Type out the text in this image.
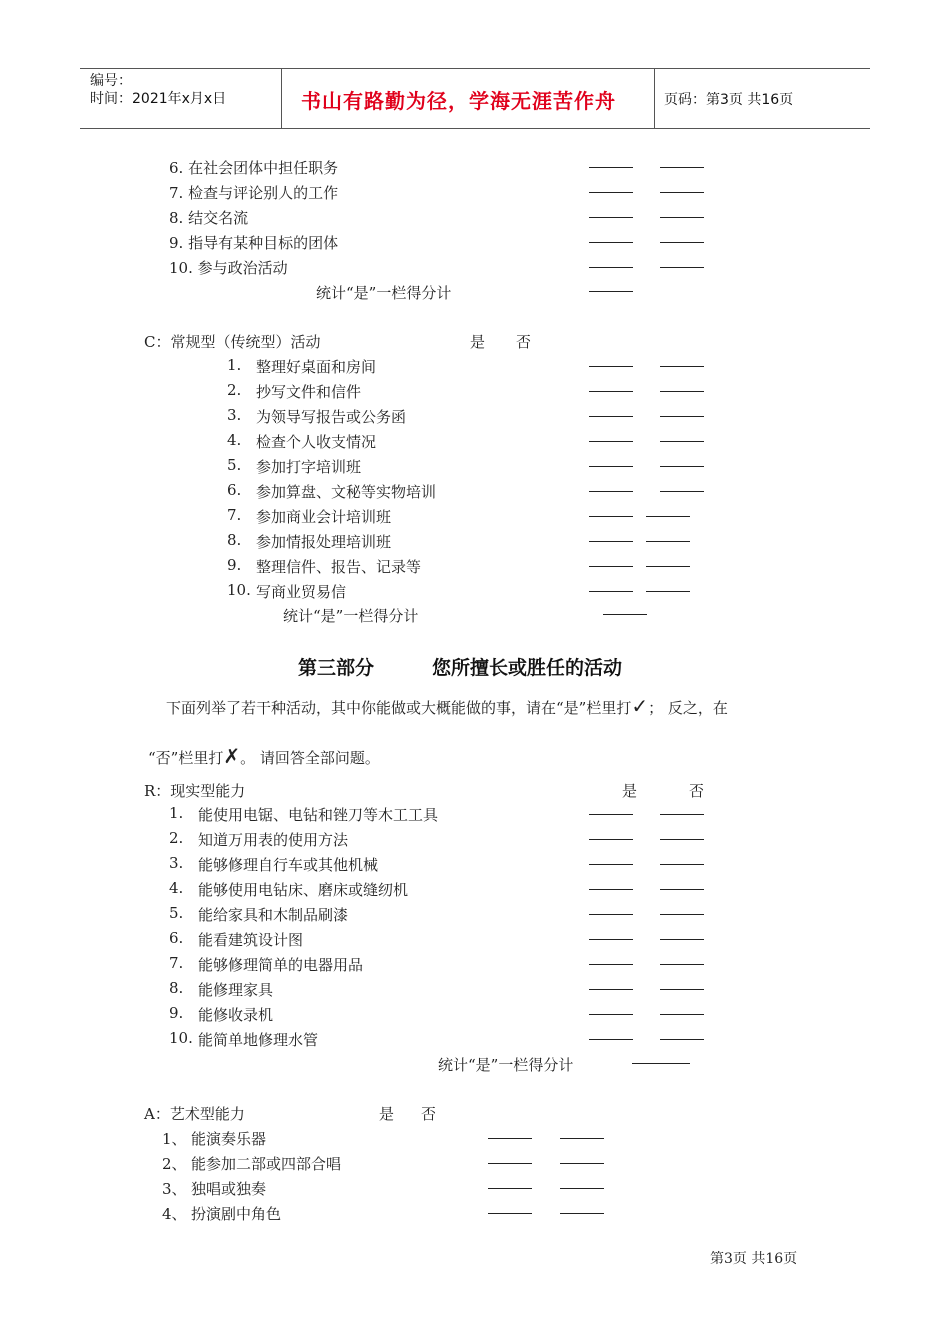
编号：
时间：2021年x月x日	书山有路勤为径，学海无涯苦作舟	页码：第3页 共16页
6. 在社会团体中担任职务
7. 检查与评论别人的工作
8. 结交名流
9. 指导有某种目标的团体
10. 参与政治活动
统计“是”一栏得分计
C：常规型（传统型）活动	是 否
1. 整理好桌面和房间
2. 抄写文件和信件
3. 为领导写报告或公务函
4. 检查个人收支情况
5. 参加打字培训班
6. 参加算盘、文秘等实物培训
7. 参加商业会计培训班
8. 参加情报处理培训班
9. 整理信件、报告、记录等
10. 写商业贸易信
统计“是”一栏得分计
第三部分	您所擅长或胜任的活动
下面列举了若干种活动，其中你能做或大概能做的事，请在“是”栏里打✓； 反之，在
“否”栏里打✗。 请回答全部问题。
R：现实型能力	是	否
1. 能使用电锯、电钻和锉刀等木工工具
2. 知道万用表的使用方法
3. 能够修理自行车或其他机械
4. 能够使用电钻床、磨床或缝纫机
5. 能给家具和木制品刷漆
6. 能看建筑设计图
7. 能够修理简单的电器用品
8. 能修理家具
9. 能修收录机
10. 能简单地修理水管
统计“是”一栏得分计
A：艺术型能力	是 否
1、 能演奏乐器
2、 能参加二部或四部合唱
3、 独唱或独奏
4、 扮演剧中角色
第3页 共16页
